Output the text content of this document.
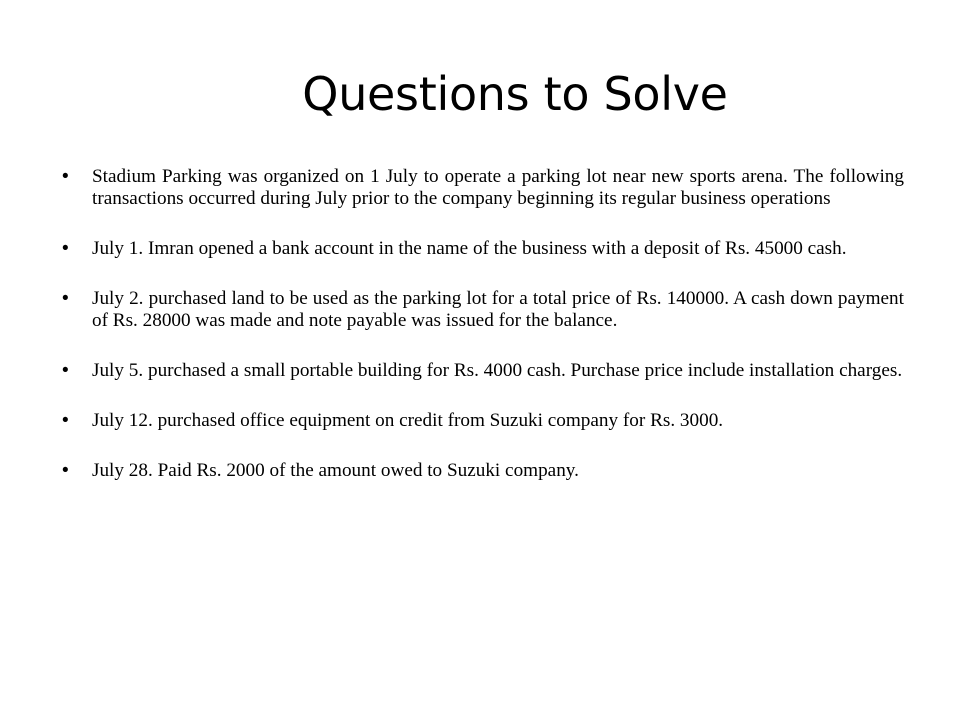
Questions to Solve
• Stadium Parking was organized on 1 July to operate a parking lot near new sports arena. The following transactions occurred during July prior to the company beginning its regular business operations
• July 1. Imran opened a bank account in the name of the business with a deposit of Rs. 45000 cash.
• July 2. purchased land to be used as the parking lot for a total price of Rs. 140000. A cash down payment of Rs. 28000 was made and note payable was issued for the balance.
• July 5. purchased a small portable building for Rs. 4000 cash. Purchase price include installation charges.
• July 12. purchased office equipment on credit from Suzuki company for Rs. 3000.
• July 28. Paid Rs. 2000 of the amount owed to Suzuki company.
